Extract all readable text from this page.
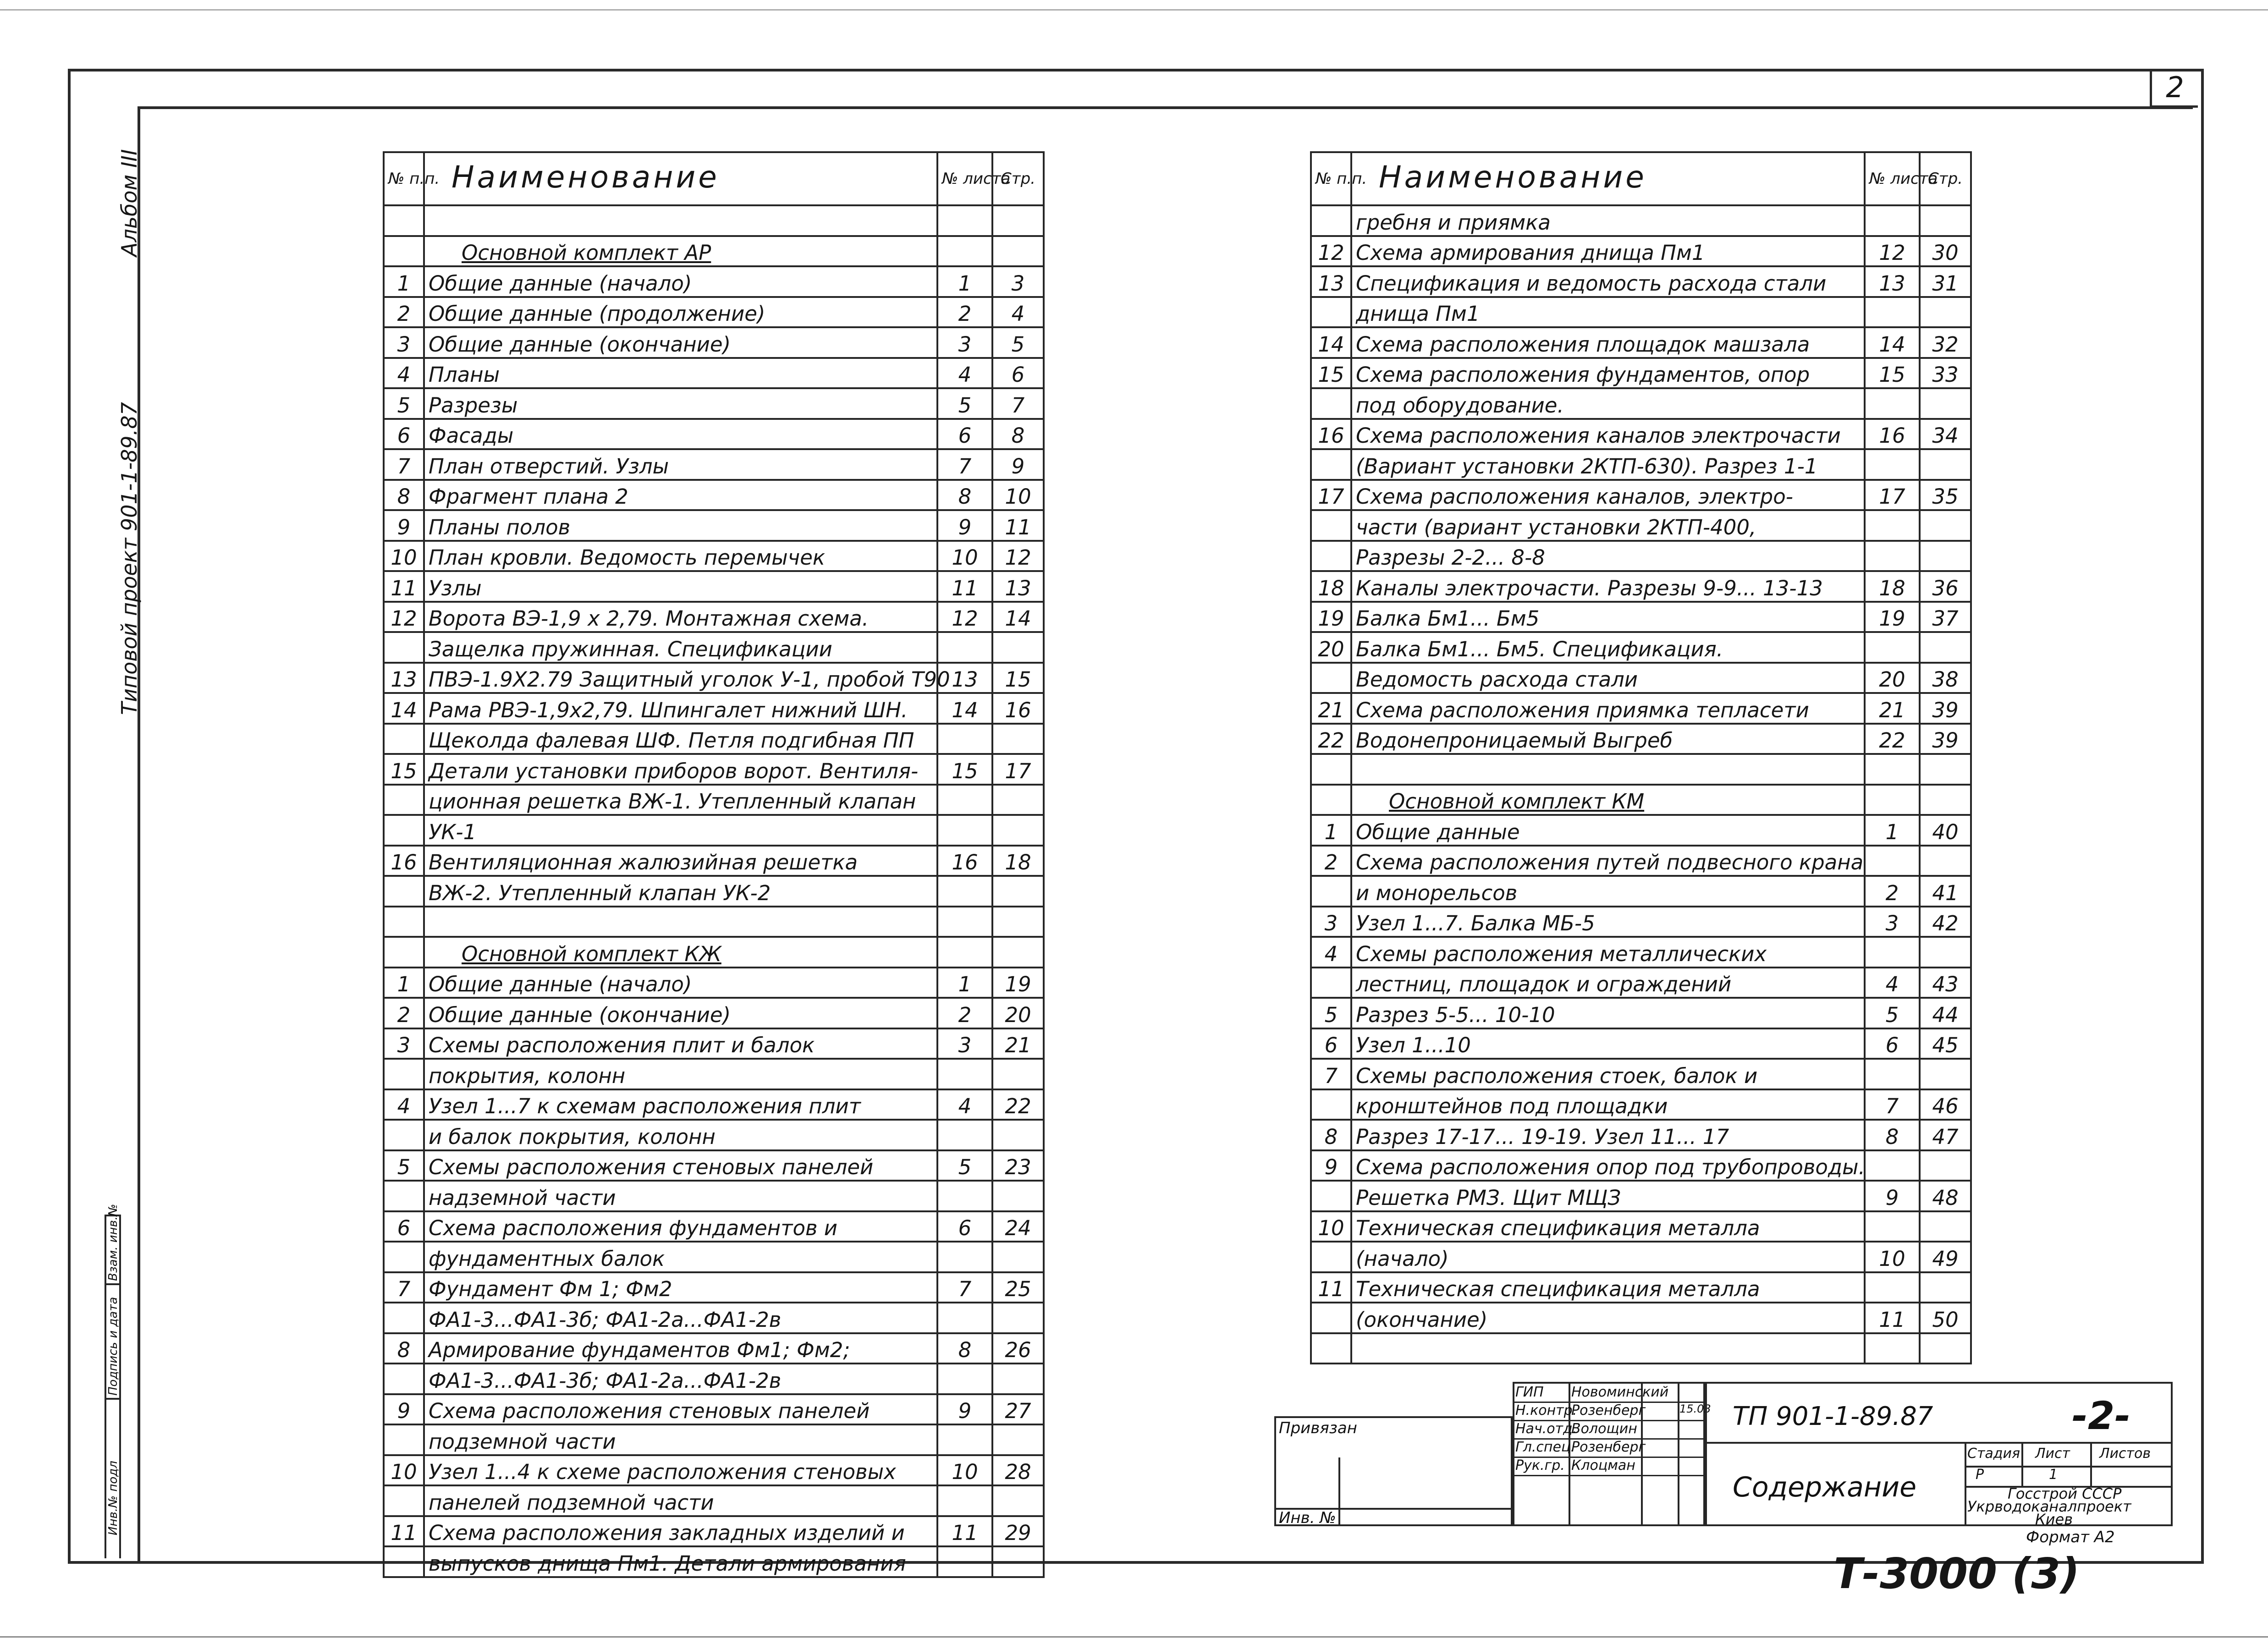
2
Альбом III
Типовой проект 901-1-89.87
Взам. инв.№
Подпись и дата
Инв.№ подл
№ п.п.	Наименование	№ листа	Стр.

	Основной комплект АР		
1	Общие данные (начало)	1	3
2	Общие данные (продолжение)	2	4
3	Общие данные (окончание)	3	5
4	Планы	4	6
5	Разрезы	5	7
6	Фасады	6	8
7	План отверстий. Узлы	7	9
8	Фрагмент плана 2	8	10
9	Планы полов	9	11
10	План кровли. Ведомость перемычек	10	12
11	Узлы	11	13
12	Ворота ВЭ-1,9 х 2,79. Монтажная схема.	12	14
	Защелка пружинная. Спецификации		
13	ПВЭ-1.9Х2.79 Защитный уголок У-1, пробой Т90	13	15
14	Рама РВЭ-1,9х2,79. Шпингалет нижний ШН.	14	16
	Щеколда фалевая ШФ. Петля подгибная ПП		
15	Детали установки приборов ворот. Вентиля-	15	17
	ционная решетка ВЖ-1. Утепленный клапан		
	УК-1		
16	Вентиляционная жалюзийная решетка	16	18
	ВЖ-2. Утепленный клапан УК-2		

	Основной комплект КЖ		
1	Общие данные (начало)	1	19
2	Общие данные (окончание)	2	20
3	Схемы расположения плит и балок	3	21
	покрытия, колонн		
4	Узел 1...7 к схемам расположения плит	4	22
	и балок покрытия, колонн		
5	Схемы расположения стеновых панелей	5	23
	надземной части		
6	Схема расположения фундаментов и	6	24
	фундаментных балок		
7	Фундамент Фм 1; Фм2	7	25
	ФА1-3...ФА1-3б; ФА1-2а...ФА1-2в		
8	Армирование фундаментов Фм1; Фм2;	8	26
	ФА1-3...ФА1-3б; ФА1-2а...ФА1-2в		
9	Схема расположения стеновых панелей	9	27
	подземной части		
10	Узел 1...4 к схеме расположения стеновых	10	28
	панелей подземной части		
11	Схема расположения закладных изделий и	11	29
	выпусков днища Пм1. Детали армирования		
№ п.п.	Наименование	№ листа	Стр.

	гребня и приямка		
12	Схема армирования днища Пм1	12	30
13	Спецификация и ведомость расхода стали	13	31
	днища Пм1		
14	Схема расположения площадок машзала	14	32
15	Схема расположения фундаментов, опор	15	33
	под оборудование.		
16	Схема расположения каналов электрочасти	16	34
	(Вариант установки 2КТП-630). Разрез 1-1		
17	Схема расположения каналов, электро-	17	35
	части (вариант установки 2КТП-400,		
	Разрезы 2-2... 8-8		
18	Каналы электрочасти. Разрезы 9-9... 13-13	18	36
19	Балка Бм1... Бм5	19	37
20	Балка Бм1... Бм5. Спецификация.		
	Ведомость расхода стали	20	38
21	Схема расположения приямка тепласети	21	39
22	Водонепроницаемый Выгреб	22	39

	Основной комплект КМ		
1	Общие данные	1	40
2	Схема расположения путей подвесного крана		
	и монорельсов	2	41
3	Узел 1...7. Балка МБ-5	3	42
4	Схемы расположения металлических		
	лестниц, площадок и ограждений	4	43
5	Разрез 5-5... 10-10	5	44
6	Узел 1...10	6	45
7	Схемы расположения стоек, балок и		
	кронштейнов под площадки	7	46
8	Разрез 17-17... 19-19. Узел 11... 17	8	47
9	Схема расположения опор под трубопроводы.		
	Решетка РМЗ. Щит МЩЗ	9	48
10	Техническая спецификация металла		
	(начало)	10	49
11	Техническая спецификация металла		
	(окончание)	11	50

Привязан
Инв. №
ГИП Новоминский
Н.контр.
Розенберг
Нач.отд.
Волощин
Гл.спец.
Розенберг
Рук.гр. Клоцман
15.03 ТП 901-1-89.87	-2-
Содержание
Стадия Лист Листов
Р	1
Госстрой СССР
Укрводоканалпроект
Киев
Формат А2
Т-3000 (3)
